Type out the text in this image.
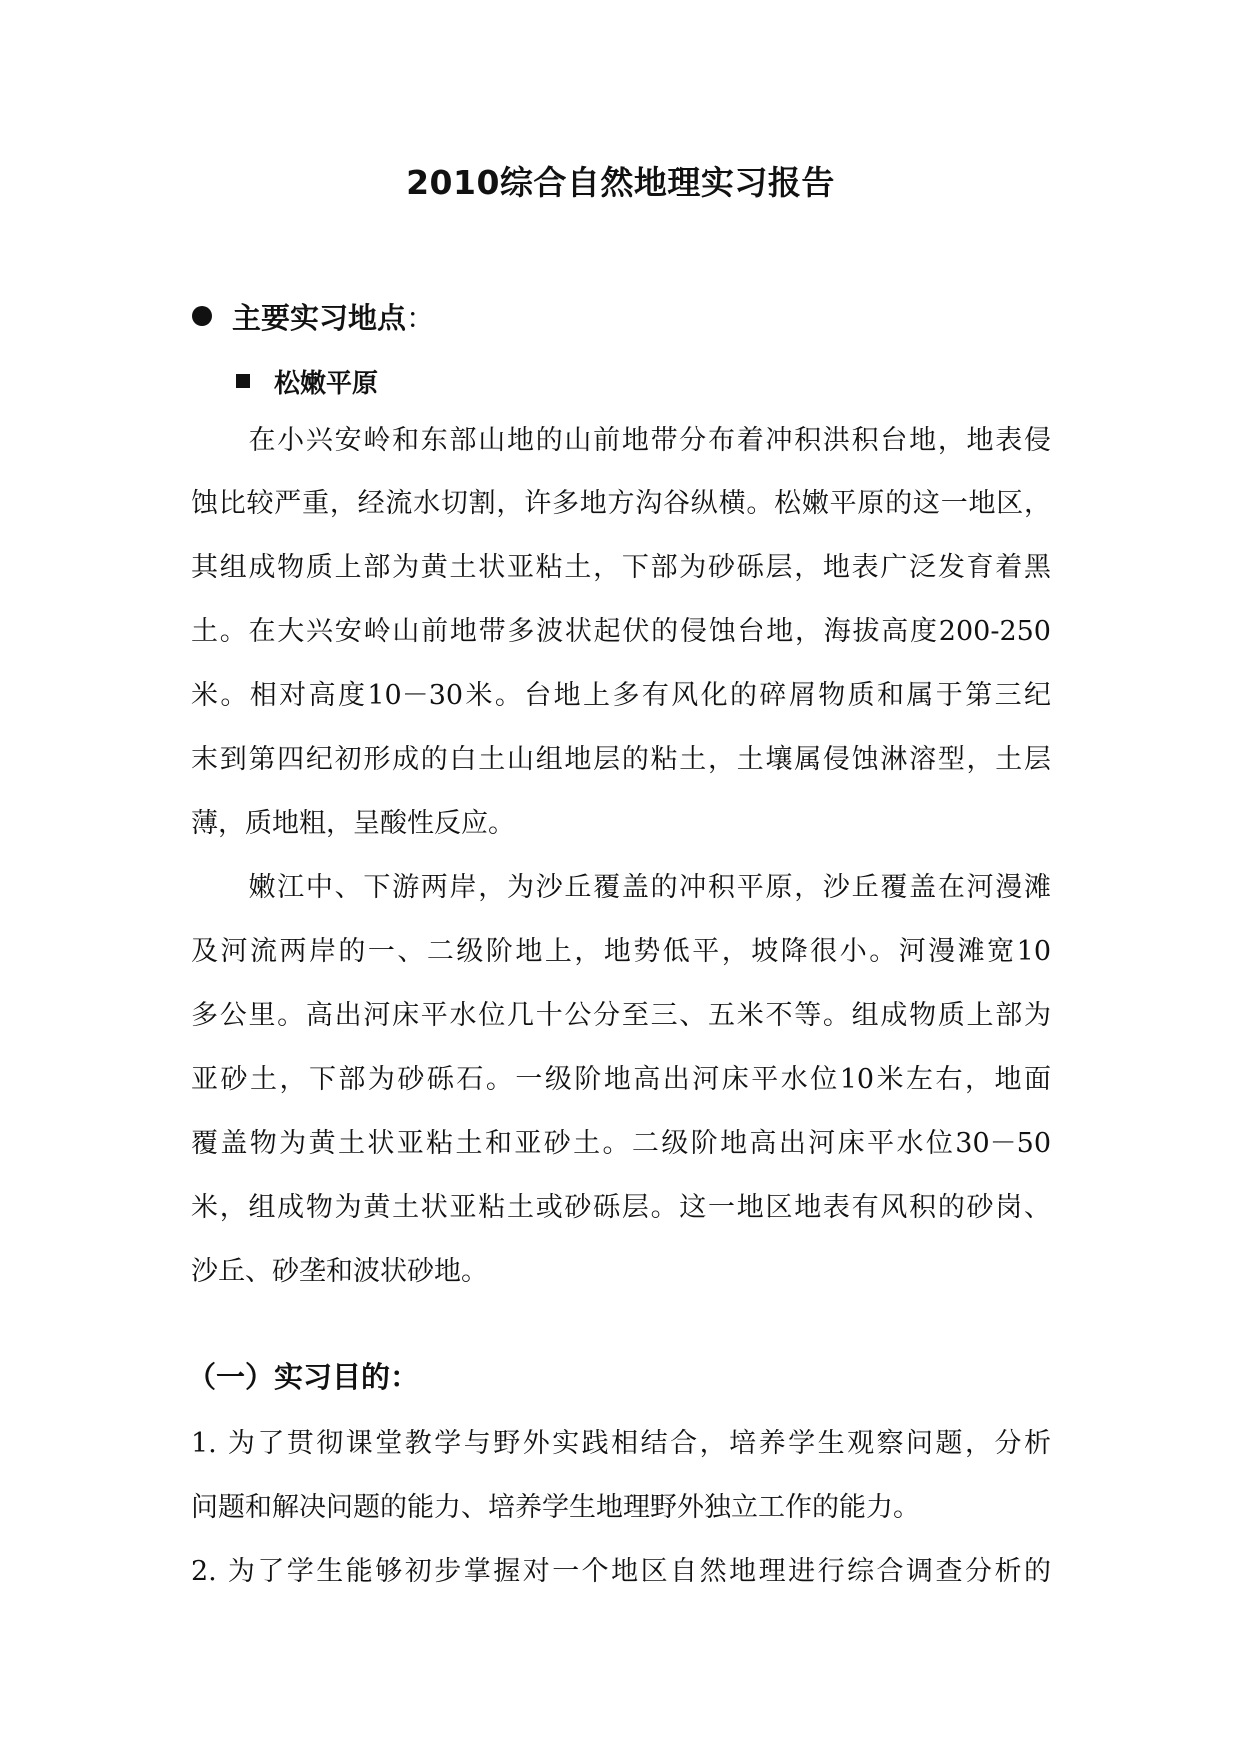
2010综合自然地理实习报告
主要实习地点 ：
松嫩平原
　　在小兴安岭和东部山地的山前地带分布着冲积洪积台地，地表侵
蚀比较严重，经流水切割，许多地方沟谷纵横。松嫩平原的这一地区，
其组成物质上部为黄土状亚粘土，下部为砂砾层，地表广泛发育着黑
土。在大兴安岭山前地带多波状起伏的侵蚀台地，海拔高度200-250
米。相对高度10－30米。台地上多有风化的碎屑物质和属于第三纪
末到第四纪初形成的白土山组地层的粘土，土壤属侵蚀淋溶型，土层
薄，质地粗，呈酸性反应。
　　嫩江中、下游两岸，为沙丘覆盖的冲积平原，沙丘覆盖在河漫滩
及河流两岸的一、二级阶地上，地势低平，坡降很小。河漫滩宽10
多公里。高出河床平水位几十公分至三、五米不等。组成物质上部为
亚砂土，下部为砂砾石。一级阶地高出河床平水位10米左右，地面
覆盖物为黄土状亚粘土和亚砂土。二级阶地高出河床平水位30－50
米，组成物为黄土状亚粘土或砂砾层。这一地区地表有风积的砂岗、
沙丘、砂垄和波状砂地。
（一）实习目的：
1. 为了贯彻课堂教学与野外实践相结合，培养学生观察问题，分析
问题和解决问题的能力、培养学生地理野外独立工作的能力。
2. 为了学生能够初步掌握对一个地区自然地理进行综合调查分析的
